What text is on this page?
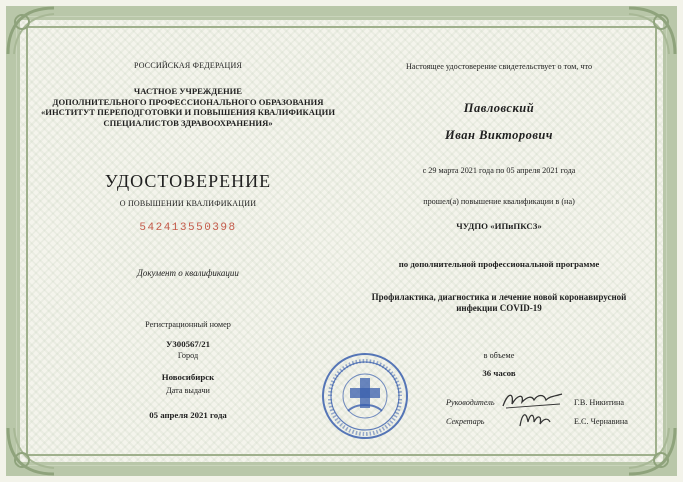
РОССИЙСКАЯ ФЕДЕРАЦИЯ
ЧАСТНОЕ УЧРЕЖДЕНИЕ
ДОПОЛНИТЕЛЬНОГО ПРОФЕССИОНАЛЬНОГО ОБРАЗОВАНИЯ
«ИНСТИТУТ ПЕРЕПОДГОТОВКИ И ПОВЫШЕНИЯ КВАЛИФИКАЦИИ
СПЕЦИАЛИСТОВ ЗДРАВООХРАНЕНИЯ»
УДОСТОВЕРЕНИЕ
О ПОВЫШЕНИИ КВАЛИФИКАЦИИ
542413550398
Документ о квалификации
Регистрационный номер
У300567/21
Город
Новосибирск
Дата выдачи
05 апреля 2021 года
Настоящее удостоверение свидетельствует о том, что
Павловский
Иван Викторович
с 29 марта 2021 года по 05 апреля 2021 года
прошел(а) повышение квалификации в (на)
ЧУДПО «ИПиПКСЗ»
по дополнительной профессиональной программе
Профилактика, диагностика и лечение новой коронавирусной
инфекции COVID-19
в объеме
36 часов
Руководитель	Г.В. Никитина
Секретарь	Е.С. Чернавина
